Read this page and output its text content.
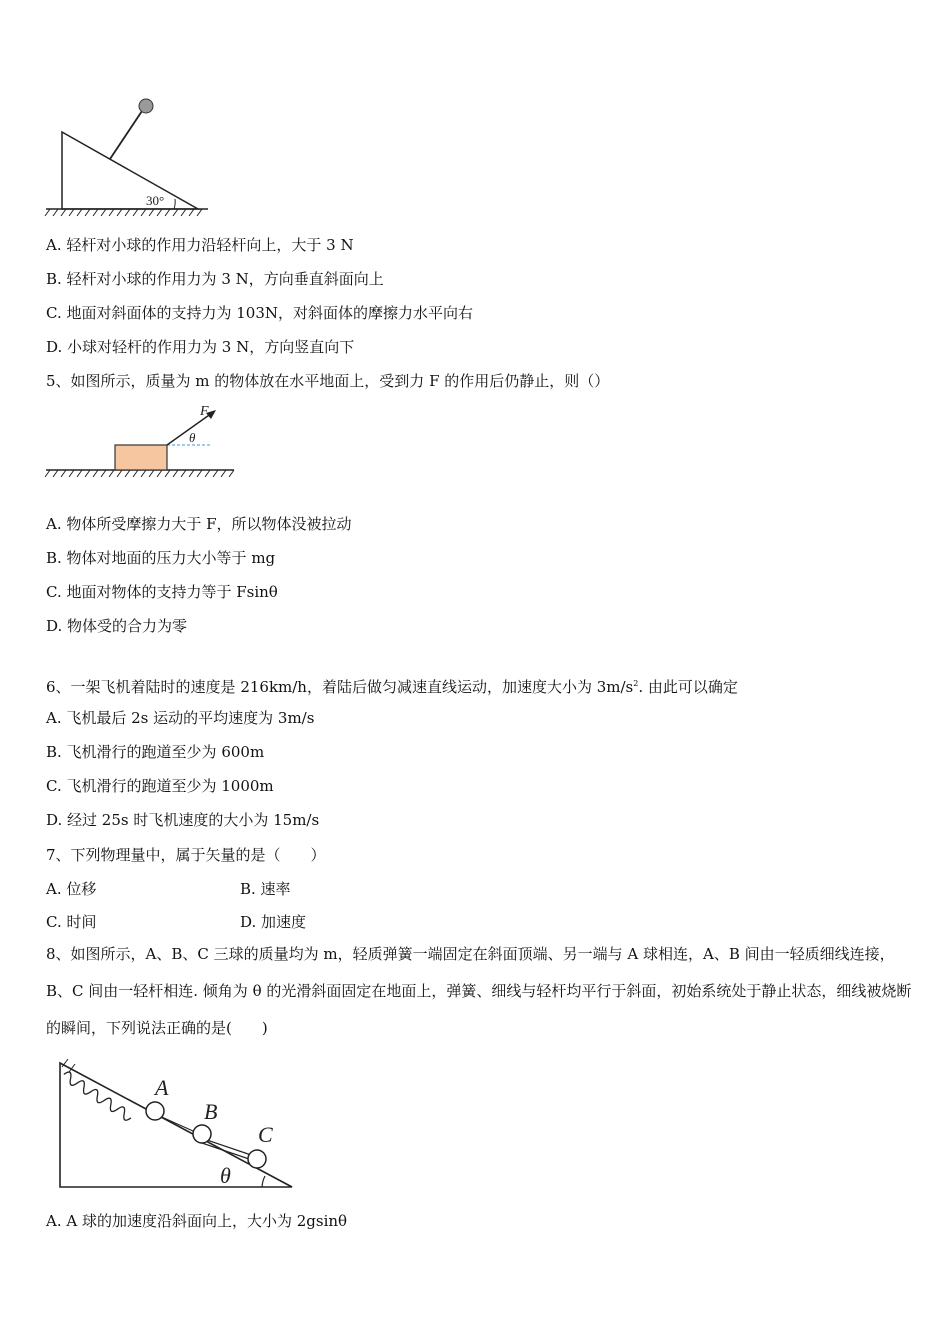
30°
A. 轻杆对小球的作用力沿轻杆向上，大于 3 N
B. 轻杆对小球的作用力为 3 N，方向垂直斜面向上
C. 地面对斜面体的支持力为 103N，对斜面体的摩擦力水平向右
D. 小球对轻杆的作用力为 3 N，方向竖直向下
5、如图所示，质量为 m 的物体放在水平地面上，受到力 F 的作用后仍静止，则（）
F
θ
A. 物体所受摩擦力大于 F，所以物体没被拉动
B. 物体对地面的压力大小等于 mg
C. 地面对物体的支持力等于 Fsinθ
D. 物体受的合力为零
6、一架飞机着陆时的速度是 216km/h，着陆后做匀减速直线运动，加速度大小为 $3m/s^2$. 由此可以确定
A. 飞机最后 2s 运动的平均速度为 3m/s
B. 飞机滑行的跑道至少为 600m
C. 飞机滑行的跑道至少为 1000m
D. 经过 25s 时飞机速度的大小为 15m/s
7、下列物理量中，属于矢量的是（　　）
A. 位移	B. 速率
C. 时间	D. 加速度
8、如图所示，A、B、C 三球的质量均为 m，轻质弹簧一端固定在斜面顶端、另一端与 A 球相连，A、B 间由一轻质细线连接，B、C 间由一轻杆相连. 倾角为 θ 的光滑斜面固定在地面上，弹簧、细线与轻杆均平行于斜面，初始系统处于静止状态，细线被烧断的瞬间，下列说法正确的是(　　)
A
B
C
θ
A. A 球的加速度沿斜面向上，大小为 2gsinθ
